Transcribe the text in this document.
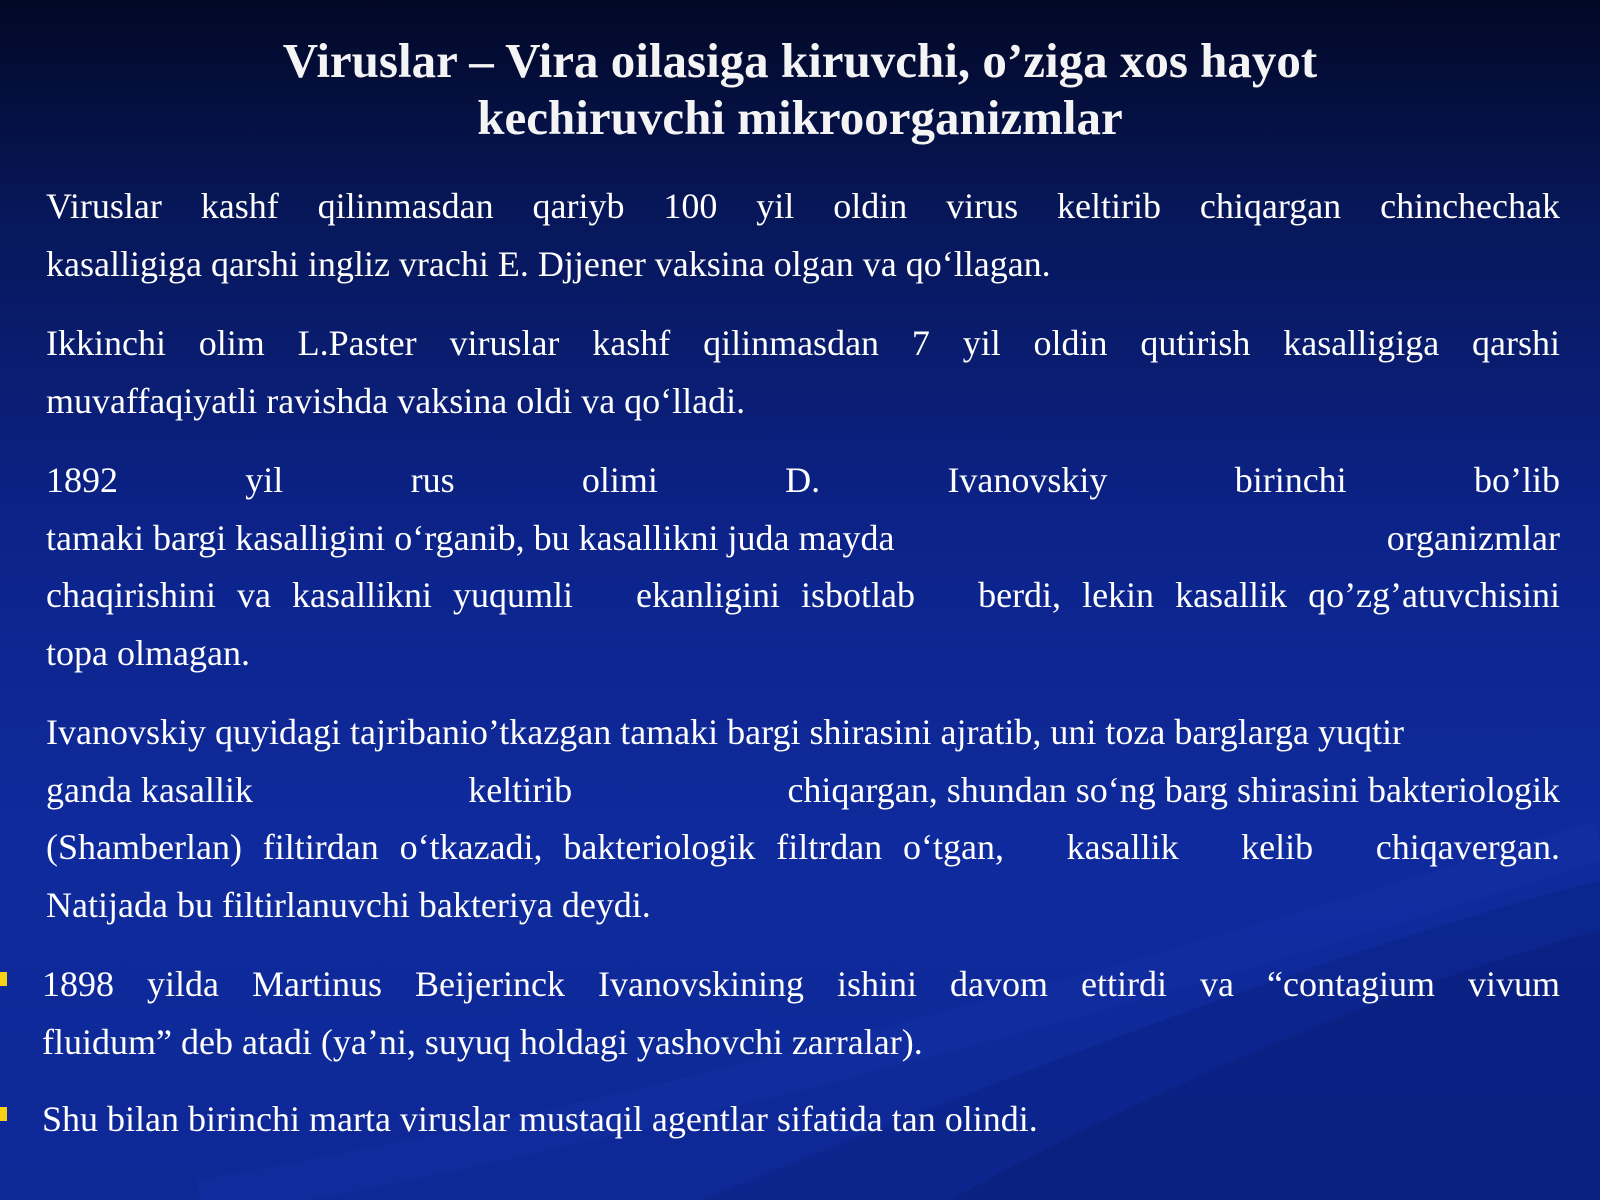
Viruslar – Vira oilasiga kiruvchi, o’ziga xos hayot
kechiruvchi mikroorganizmlar
Viruslar kashf qilinmasdan qariyb 100 yil oldin virus keltirib chiqargan chinchechak
kasalligiga qarshi ingliz vrachi E. Djjener vaksina olgan va qo‘llagan.
Ikkinchi olim L.Paster viruslar kashf qilinmasdan 7 yil oldin qutirish kasalligiga qarshi
muvaffaqiyatli ravishda vaksina oldi va qo‘lladi.
1892	yil	rus	olimi	D.	Ivanovskiy	birinchi	bo’lib
tamaki bargi kasalligini o‘rganib, bu kasallikni juda mayda	organizmlar
chaqirishini va kasallikni yuqumli   ekanligini isbotlab   berdi, lekin kasallik qo’zg’atuvchisini
topa olmagan.
Ivanovskiy quyidagi tajribanio’tkazgan tamaki bargi shirasini ajratib, uni toza barglarga yuqtir
ganda kasallik	keltirib	chiqargan, shundan so‘ng barg shirasini bakteriologik
(Shamberlan) filtirdan o‘tkazadi, bakteriologik filtrdan o‘tgan,   kasallik   kelib   chiqavergan.
Natijada bu filtirlanuvchi bakteriya deydi.
1898 yilda Martinus Beijerinck Ivanovskining ishini davom ettirdi va “contagium vivum
fluidum” deb atadi (ya’ni, suyuq holdagi yashovchi zarralar).
Shu bilan birinchi marta viruslar mustaqil agentlar sifatida tan olindi.
